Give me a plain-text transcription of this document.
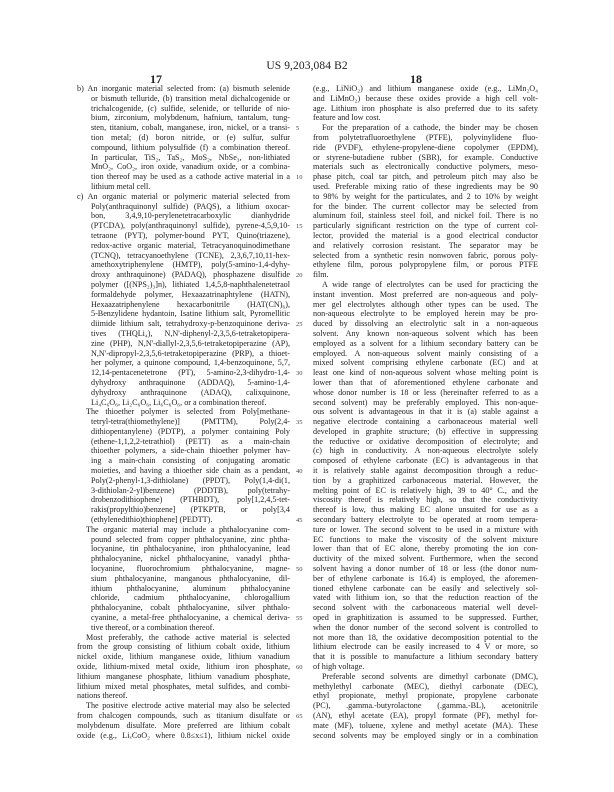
US 9,203,084 B2
17	18
b) An inorganic material selected from: (a) bismuth selenide
or bismuth telluride, (b) transition metal dichalcogenide or
trichalcogenide, (c) sulfide, selenide, or telluride of nio-
bium, zirconium, molybdenum, hafnium, tantalum, tung-
sten, titanium, cobalt, manganese, iron, nickel, or a transi-
tion metal; (d) boron nitride, or (e) sulfur, sulfur
compound, lithium polysulfide (f) a combination thereof.
In particular, TiS₂, TaS₂, MoS₂, NbSe₃, non-lithiated
MnO₂, CoO₂, iron oxide, vanadium oxide, or a combina-
tion thereof may be used as a cathode active material in a
lithium metal cell.
c) An organic material or polymeric material selected from
Poly(anthraquinonyl sulfide) (PAQS), a lithium oxocar-
bon, 3,4,9,10-perylenetetracarboxylic dianhydride
(PTCDA), poly(anthraquinonyl sulfide), pyrene-4,5,9,10-
tetraone (PYT), polymer-bound PYT, Quino(triazene),
redox-active organic material, Tetracyanoquinodimethane
(TCNQ), tetracyanoethylene (TCNE), 2,3,6,7,10,11-hex-
amethoxytriphenylene (HMTP), poly(5-amino-1,4-dyhy-
droxy anthraquinone) (PADAQ), phosphazene disulfide
polymer ([(NPS₂)₃]n), lithiated 1,4,5,8-naphthalenetetraol
formaldehyde polymer, Hexaazatrinaphtylene (HATN),
Hexaazatriphenylene hexacarbonitrile (HAT(CN)₆),
5-Benzylidene hydantoin, Isatine lithium salt, Pyromellitic
diimide lithium salt, tetrahydroxy-p-benzoquinone deriva-
tives (THQLi₄), N,N'-diphenyl-2,3,5,6-tetraketopipera-
zine (PHP), N,N'-diallyl-2,3,5,6-tetraketopiperazine (AP),
N,N'-dipropyl-2,3,5,6-tetraketopiperazine (PRP), a thioet-
her polymer, a quinone compound, 1,4-benzoquinone, 5,7,
12,14-pentacenetetrone (PT), 5-amino-2,3-dihydro-1,4-
dyhydroxy anthraquinone (ADDAQ), 5-amino-1,4-
dyhydroxy anthraquinone (ADAQ), calixquinone,
Li₄C₆O₆, Li₂C₆O₆, Li₆C₆O₆, or a combination thereof.
The thioether polymer is selected from Poly[methane-
tetryl-tetra(thiomethylene)] (PMTTM), Poly(2,4-
dithiopentanylene) (PDTP), a polymer containing Poly
(ethene-1,1,2,2-tetrathiol) (PETT) as a main-chain
thioether polymers, a side-chain thioether polymer hav-
ing a main-chain consisting of conjugating aromatic
moieties, and having a thioether side chain as a pendant,
Poly(2-phenyl-1,3-dithiolane) (PPDT), Poly(1,4-di(1,
3-dithiolan-2-yl)benzene) (PDDTB), poly(tetrahy-
drobenzodithiophene) (PTHBDT), poly[1,2,4,5-tet-
rakis(propylthio)benzene] (PTKPTB, or poly[3,4
(ethylenedithio)thiophene] (PEDTT).
The organic material may include a phthalocyanine com-
pound selected from copper phthalocyanine, zinc phtha-
locyanine, tin phthalocyanine, iron phthalocyanine, lead
phthalocyanine, nickel phthalocyanine, vanadyl phtha-
locyanine, fluorochromium phthalocyanine, magne-
sium phthalocyanine, manganous phthalocyanine, dil-
ithium phthalocyanine, aluminum phthalocyanine
chloride, cadmium phthalocyanine, chlorogallium
phthalocyanine, cobalt phthalocyanine, silver phthalo-
cyanine, a metal-free phthalocyanine, a chemical deriva-
tive thereof, or a combination thereof.
Most preferably, the cathode active material is selected
from the group consisting of lithium cobalt oxide, lithium
nickel oxide, lithium manganese oxide, lithium vanadium
oxide, lithium-mixed metal oxide, lithium iron phosphate,
lithium manganese phosphate, lithium vanadium phosphate,
lithium mixed metal phosphates, metal sulfides, and combi-
nations thereof.
The positive electrode active material may also be selected
from chalcogen compounds, such as titanium disulfate or
molybdenum disulfate. More preferred are lithium cobalt
oxide (e.g., LiₓCoO₂ where 0.8≤x≤1), lithium nickel oxide
5
10
15
20
25
30
35
40
45
50
55
60
65
(e.g., LiNiO₂) and lithium manganese oxide (e.g., LiMn₂O₄
and LiMnO₂) because these oxides provide a high cell volt-
age. Lithium iron phosphate is also preferred due to its safety
feature and low cost.
For the preparation of a cathode, the binder may be chosen
from polytetrafluoroethylene (PTFE), polyvinylidene fluo-
ride (PVDF), ethylene-propylene-diene copolymer (EPDM),
or styrene-butadiene rubber (SBR), for example. Conductive
materials such as electronically conductive polymers, meso-
phase pitch, coal tar pitch, and petroleum pitch may also be
used. Preferable mixing ratio of these ingredients may be 90
to 98% by weight for the particulates, and 2 to 10% by weight
for the binder. The current collector may be selected from
aluminum foil, stainless steel foil, and nickel foil. There is no
particularly significant restriction on the type of current col-
lector, provided the material is a good electrical conductor
and relatively corrosion resistant. The separator may be
selected from a synthetic resin nonwoven fabric, porous poly-
ethylene film, porous polypropylene film, or porous PTFE
film.
A wide range of electrolytes can be used for practicing the
instant invention. Most preferred are non-aqueous and poly-
mer gel electrolytes although other types can be used. The
non-aqueous electrolyte to be employed herein may be pro-
duced by dissolving an electrolytic salt in a non-aqueous
solvent. Any known non-aqueous solvent which has been
employed as a solvent for a lithium secondary battery can be
employed. A non-aqueous solvent mainly consisting of a
mixed solvent comprising ethylene carbonate (EC) and at
least one kind of non-aqueous solvent whose melting point is
lower than that of aforementioned ethylene carbonate and
whose donor number is 18 or less (hereinafter referred to as a
second solvent) may be preferably employed. This non-aque-
ous solvent is advantageous in that it is (a) stable against a
negative electrode containing a carbonaceous material well
developed in graphite structure; (b) effective in suppressing
the reductive or oxidative decomposition of electrolyte; and
(c) high in conductivity. A non-aqueous electrolyte solely
composed of ethylene carbonate (EC) is advantageous in that
it is relatively stable against decomposition through a reduc-
tion by a graphitized carbonaceous material. However, the
melting point of EC is relatively high, 39 to 40° C., and the
viscosity thereof is relatively high, so that the conductivity
thereof is low, thus making EC alone unsuited for use as a
secondary battery electrolyte to be operated at room tempera-
ture or lower. The second solvent to be used in a mixture with
EC functions to make the viscosity of the solvent mixture
lower than that of EC alone, thereby promoting the ion con-
ductivity of the mixed solvent. Furthermore, when the second
solvent having a donor number of 18 or less (the donor num-
ber of ethylene carbonate is 16.4) is employed, the aforemen-
tioned ethylene carbonate can be easily and selectively sol-
vated with lithium ion, so that the reduction reaction of the
second solvent with the carbonaceous material well devel-
oped in graphitization is assumed to be suppressed. Further,
when the donor number of the second solvent is controlled to
not more than 18, the oxidative decomposition potential to the
lithium electrode can be easily increased to 4 V or more, so
that it is possible to manufacture a lithium secondary battery
of high voltage.
Preferable second solvents are dimethyl carbonate (DMC),
methylethyl carbonate (MEC), diethyl carbonate (DEC),
ethyl propionate, methyl propionate, propylene carbonate
(PC), .gamma.-butyrolactone (.gamma.-BL), acetonitrile
(AN), ethyl acetate (EA), propyl formate (PF), methyl for-
mate (MF), toluene, xylene and methyl acetate (MA). These
second solvents may be employed singly or in a combination
